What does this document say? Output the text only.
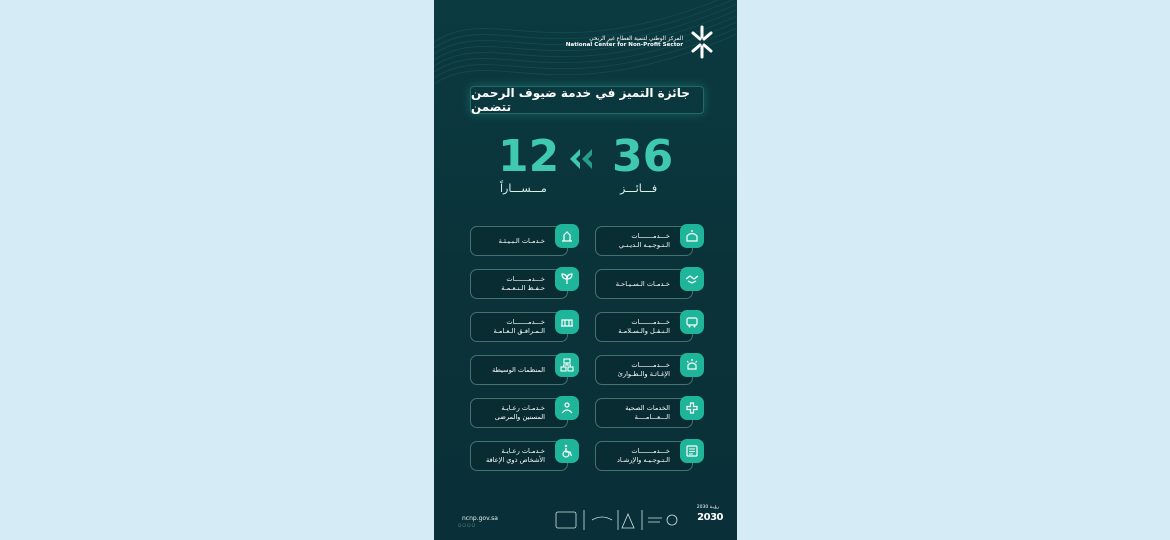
المركز الوطني لتنمية القطاع غير الربحي
National Center for Non-Profit Sector
جائزة التميز في خدمة ضيوف الرحمن تتضمن
12
مـــســـاراً
36
فـــائـــز
خـــدمـــــــات
الـتـوجـيـه الـديـنـي
خـدمـات الـسـيـاحـة
خـــدمـــــــات
الـنـقـل والـسـلامـة
خـــدمـــــــات
الإغـاثـة والـطـوارئ
الخدمات الصحية
الـــعـــامــــة
خـــدمـــــــات
الـتـوجـيـه والإرشـاد
خـدمـات الـبـيـئـة
خـــدمـــــــات
حـفـظ الـنـعـمـة
خـــدمـــــــات
الـمـرافـق الـعـامـة
المنظمات الوسيطة
خـدمـات رعـايـة
المسنين والمرضى
خـدمـات رعـايـة
الأشخاص ذوي الإعاقة
ncnp.gov.sa
▢ ▢ ▢ ▢
رؤيـة 2030
2030
